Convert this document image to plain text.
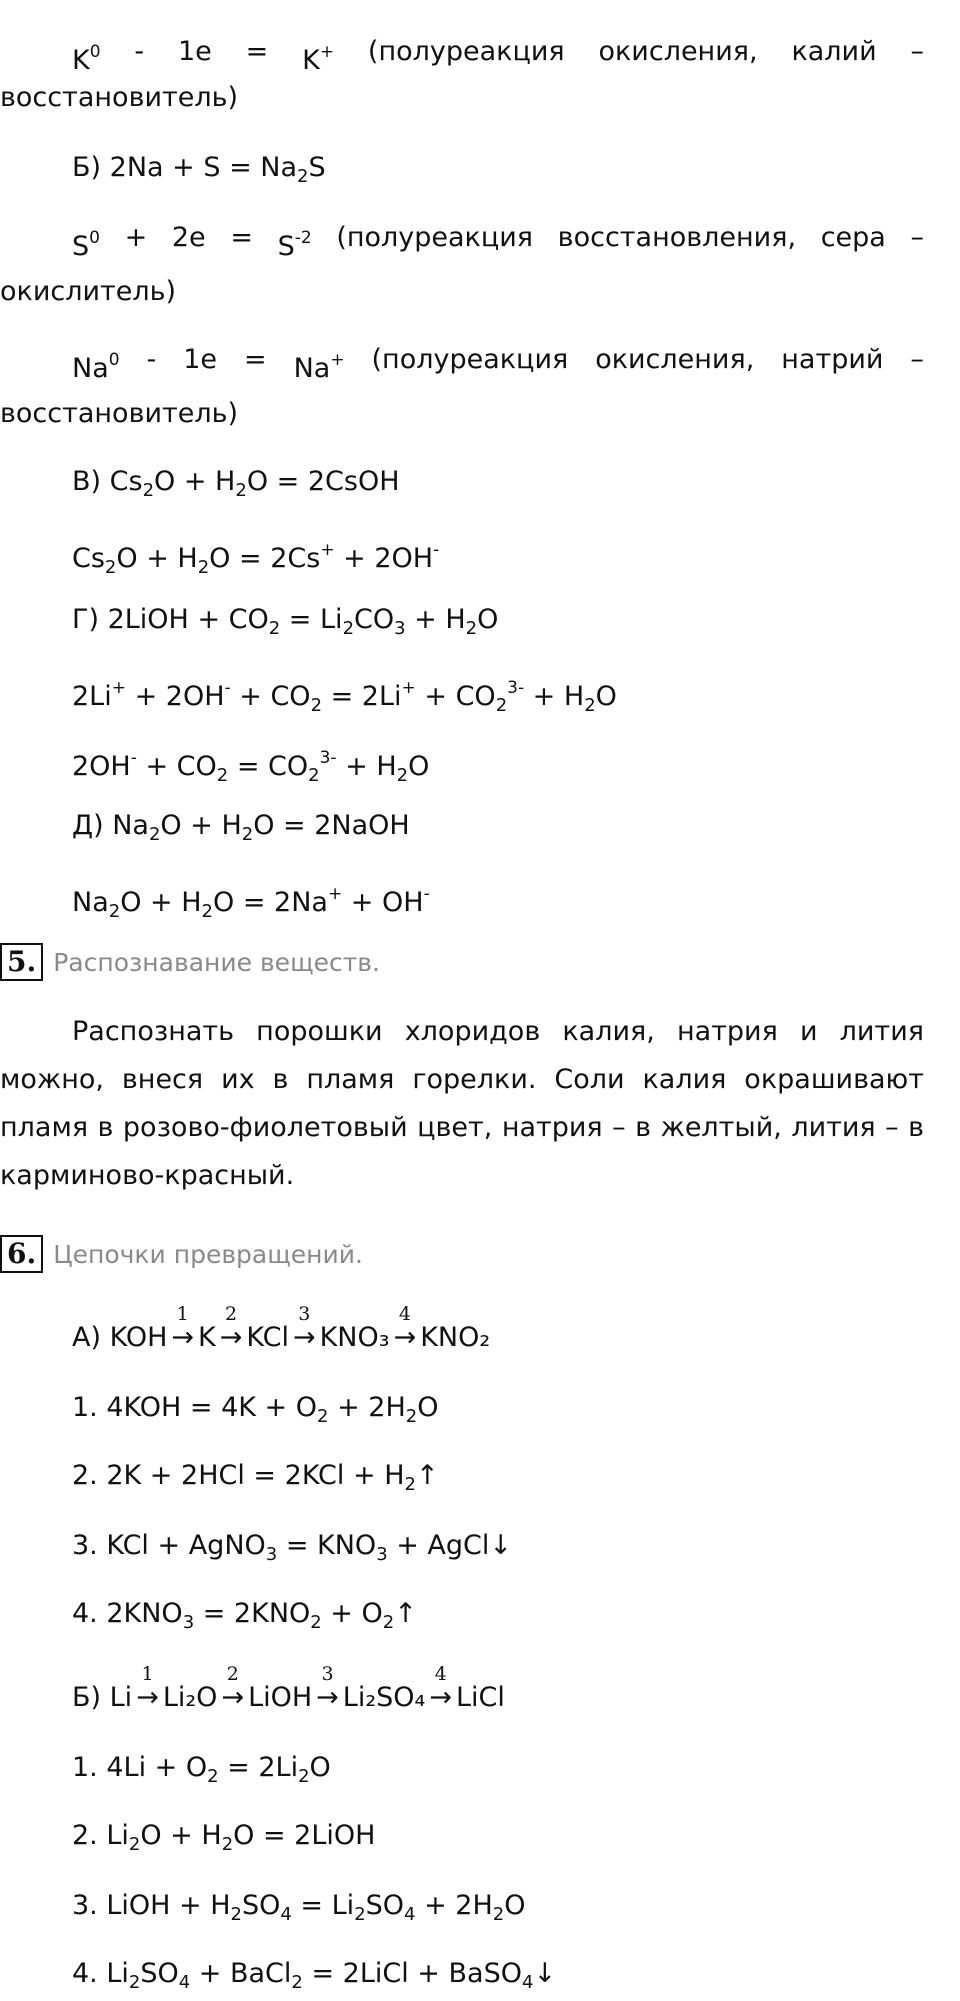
$K^0 - 1e = K^+$ (полуреакция окисления, калий –
восстановитель)
Б) $2Na + S = Na_2S$
$S^0 + 2e = S^{-2}$ (полуреакция восстановления, сера –
окислитель)
Na$^0$ - 1e = Na+ (полуреакция окисления, натрий –
восстановитель)
В) $Cs_2O + H_2O$ = 2CsOH
$Cs_2O + H_2O = 2Cs^+ + 2OH^-$
Г) 2LiOH + $CO_2 = Li_2CO_3 + H_2O$
$2Li^+ + 2OH^- + CO_2 = 2Li^+ + CO_2^{3-} + H_2O$
$2OH^- + CO_2 = CO_2^{3-} + H_2O$
Д) $Na_2O + H_2O$ = 2NaOH
$Na_2O + H_2O = 2Na^+ + OH^-$
5. Распознавание веществ.
Распознать порошки хлоридов калия, натрия и лития можно, внеся их в пламя горелки. Соли калия окрашивают пламя в розово-фиолетовый цвет, натрия – в желтый, лития – в карминово-красный.
6. Цепочки превращений.
А) KOH →
1
K →
2
KCl →
3
KNO₃ →
4
KNO₂
1. $4KOH = 4K + O_2 + 2H_2O$
2. $2K + 2HCl = 2KCl + H_2↑$
3. KCl + AgNO$_3$ = $KNO_3$ + AgCl↓
4. $2KNO_3 = 2KNO_2$ + $O_2↑$
Б) Li →
1
Li₂O →
2
LiOH →
3
Li₂SO₄ →
4
LiCl
1. $4Li + O_2 = 2Li_2O$
2. $Li_2O + H_2O$ = 2LiOH
3. LiOH + $H_2SO_4 = Li_2SO_4 + 2H_2O$
4. $Li_2SO_4$ + BaCl$_2$ = 2LiCl + BaSO$_4$↓
